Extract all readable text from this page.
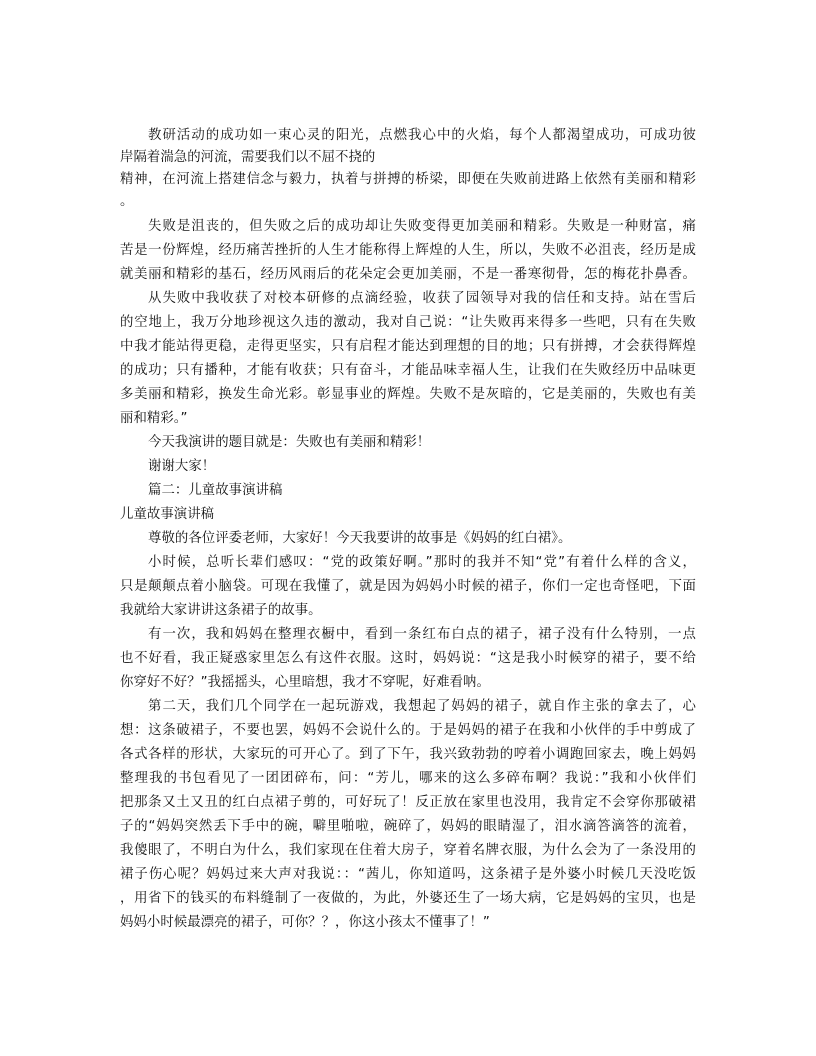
教研活动的成功如一束心灵的阳光，点燃我心中的火焰，每个人都渴望成功，可成功彼
岸隔着湍急的河流，需要我们以不屈不挠的
精神，在河流上搭建信念与毅力，执着与拼搏的桥梁，即便在失败前进路上依然有美丽和精彩
。
失败是沮丧的，但失败之后的成功却让失败变得更加美丽和精彩。失败是一种财富，痛
苦是一份辉煌，经历痛苦挫折的人生才能称得上辉煌的人生，所以，失败不必沮丧，经历是成
就美丽和精彩的基石，经历风雨后的花朵定会更加美丽，不是一番寒彻骨，怎的梅花扑鼻香。
从失败中我收获了对校本研修的点滴经验，收获了园领导对我的信任和支持。站在雪后
的空地上，我万分地珍视这久违的激动，我对自己说：“让失败再来得多一些吧，只有在失败
中我才能站得更稳，走得更坚实，只有启程才能达到理想的目的地；只有拼搏，才会获得辉煌
的成功；只有播种，才能有收获；只有奋斗，才能品味幸福人生，让我们在失败经历中品味更
多美丽和精彩，换发生命光彩。彰显事业的辉煌。失败不是灰暗的，它是美丽的，失败也有美
丽和精彩。”
今天我演讲的题目就是：失败也有美丽和精彩！
谢谢大家！
篇二：儿童故事演讲稿
儿童故事演讲稿
尊敬的各位评委老师，大家好！今天我要讲的故事是《妈妈的红白裙》。
小时候，总听长辈们感叹：“党的政策好啊。”那时的我并不知“党”有着什么样的含义，
只是颠颠点着小脑袋。可现在我懂了，就是因为妈妈小时候的裙子，你们一定也奇怪吧，下面
我就给大家讲讲这条裙子的故事。
有一次，我和妈妈在整理衣橱中，看到一条红布白点的裙子，裙子没有什么特别，一点
也不好看，我正疑惑家里怎么有这件衣服。这时，妈妈说：“这是我小时候穿的裙子，要不给
你穿好不好？”我摇摇头，心里暗想，我才不穿呢，好难看呐。
第二天，我们几个同学在一起玩游戏，我想起了妈妈的裙子，就自作主张的拿去了，心
想：这条破裙子，不要也罢，妈妈不会说什么的。于是妈妈的裙子在我和小伙伴的手中剪成了
各式各样的形状，大家玩的可开心了。到了下午，我兴致勃勃的哼着小调跑回家去，晚上妈妈
整理我的书包看见了一团团碎布，问：“芳儿，哪来的这么多碎布啊？我说：”我和小伙伴们
把那条又土又丑的红白点裙子剪的，可好玩了！反正放在家里也没用，我肯定不会穿你那破裙
子的“妈妈突然丢下手中的碗，噼里啪啦，碗碎了，妈妈的眼睛湿了，泪水滴答滴答的流着，
我傻眼了，不明白为什么，我们家现在住着大房子，穿着名牌衣服，为什么会为了一条没用的
裙子伤心呢？妈妈过来大声对我说：：“茜儿，你知道吗，这条裙子是外婆小时候几天没吃饭
，用省下的钱买的布料缝制了一夜做的，为此，外婆还生了一场大病，它是妈妈的宝贝，也是
妈妈小时候最漂亮的裙子，可你？？，你这小孩太不懂事了！”
